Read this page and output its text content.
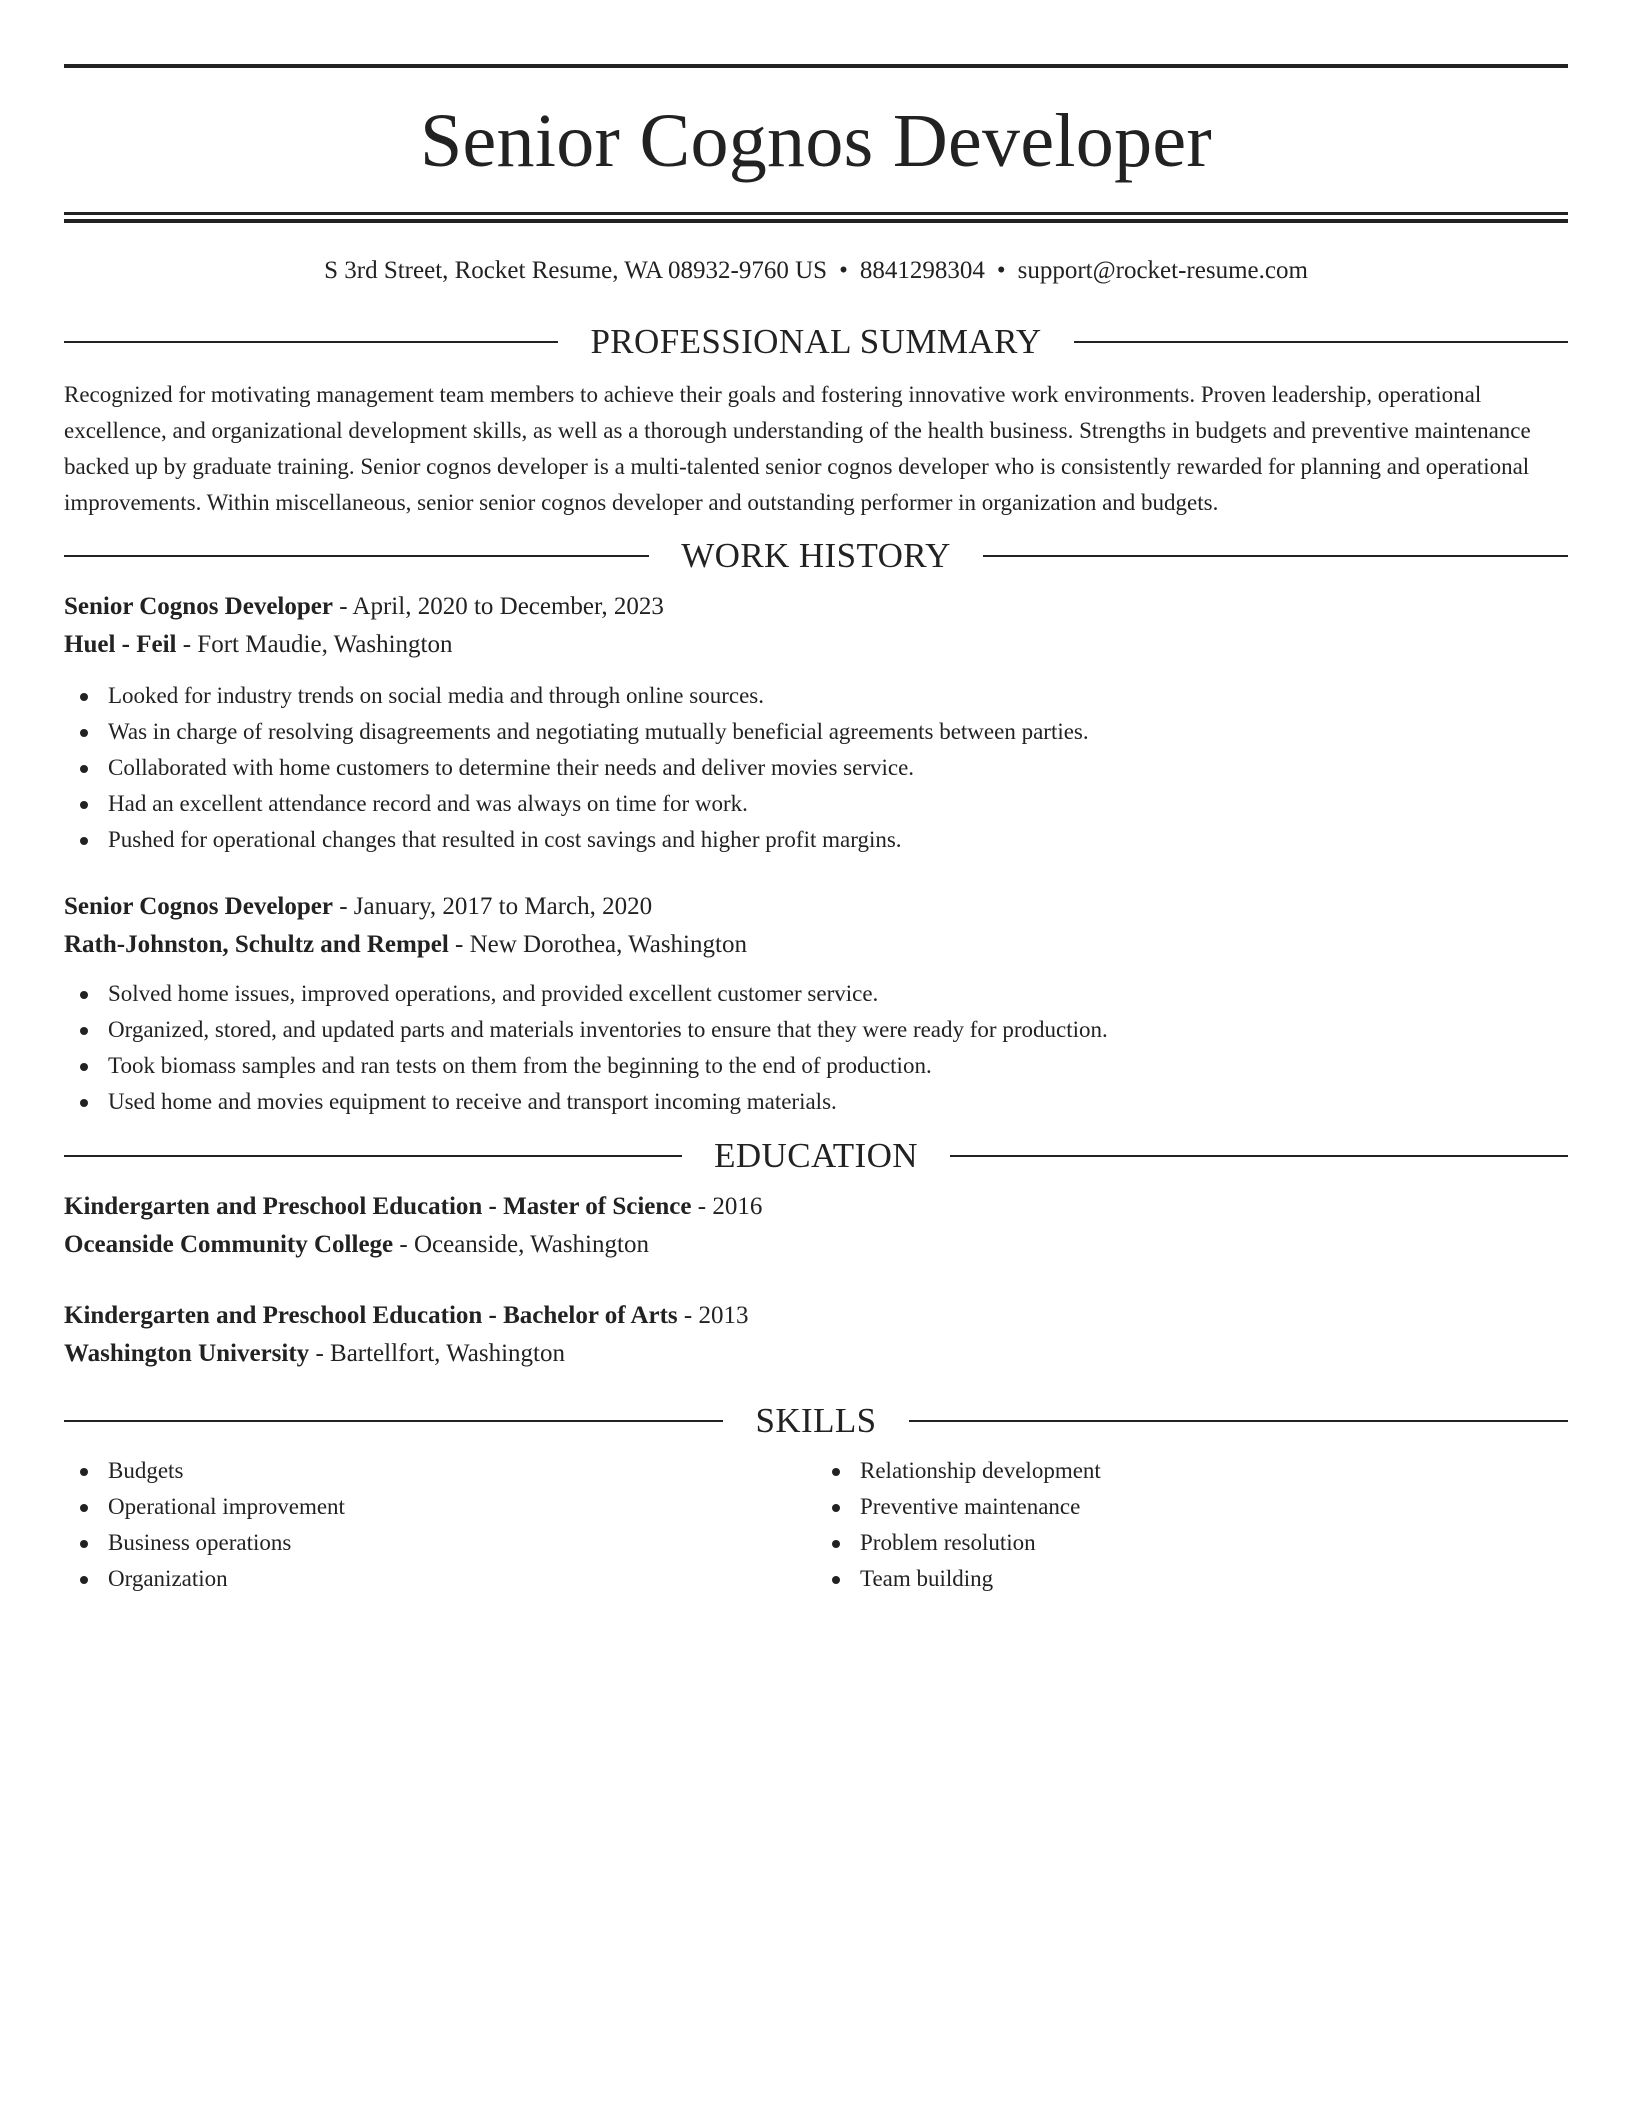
Senior Cognos Developer
S 3rd Street, Rocket Resume, WA 08932-9760 US • 8841298304 • support@rocket-resume.com
PROFESSIONAL SUMMARY
Recognized for motivating management team members to achieve their goals and fostering innovative work environments. Proven leadership, operational excellence, and organizational development skills, as well as a thorough understanding of the health business. Strengths in budgets and preventive maintenance backed up by graduate training. Senior cognos developer is a multi-talented senior cognos developer who is consistently rewarded for planning and operational improvements. Within miscellaneous, senior senior cognos developer and outstanding performer in organization and budgets.
WORK HISTORY
Senior Cognos Developer - April, 2020 to December, 2023
Huel - Feil - Fort Maudie, Washington
Looked for industry trends on social media and through online sources.
Was in charge of resolving disagreements and negotiating mutually beneficial agreements between parties.
Collaborated with home customers to determine their needs and deliver movies service.
Had an excellent attendance record and was always on time for work.
Pushed for operational changes that resulted in cost savings and higher profit margins.
Senior Cognos Developer - January, 2017 to March, 2020
Rath-Johnston, Schultz and Rempel - New Dorothea, Washington
Solved home issues, improved operations, and provided excellent customer service.
Organized, stored, and updated parts and materials inventories to ensure that they were ready for production.
Took biomass samples and ran tests on them from the beginning to the end of production.
Used home and movies equipment to receive and transport incoming materials.
EDUCATION
Kindergarten and Preschool Education - Master of Science - 2016
Oceanside Community College - Oceanside, Washington
Kindergarten and Preschool Education - Bachelor of Arts - 2013
Washington University - Bartellfort, Washington
SKILLS
Budgets
Operational improvement
Business operations
Organization
Relationship development
Preventive maintenance
Problem resolution
Team building
